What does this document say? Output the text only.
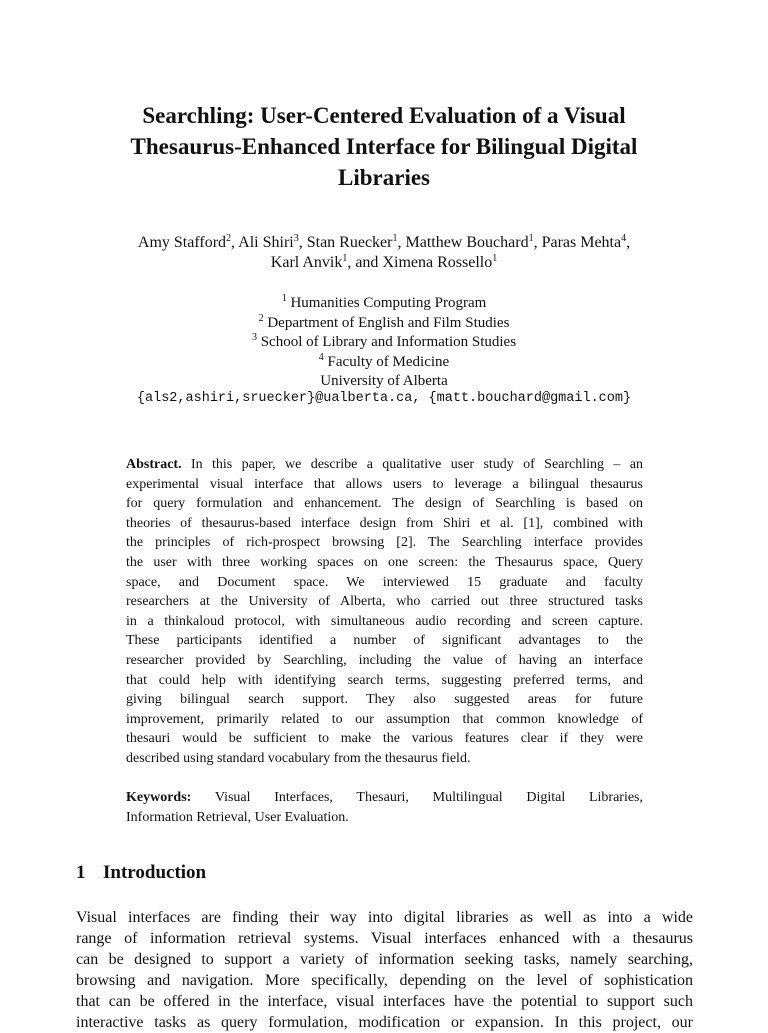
Searchling: User-Centered Evaluation of a Visual
Thesaurus-Enhanced Interface for Bilingual Digital
Libraries
Amy Stafford$^2$, Ali Shiri$^3$, Stan Ruecker$^1$, Matthew Bouchard$^1$, Paras Mehta$^4$,
Karl Anvik$^1$, and Ximena Rossello$^1$
$^1$ Humanities Computing Program
$^2$ Department of English and Film Studies
$^3$ School of Library and Information Studies
$^4$ Faculty of Medicine
University of Alberta
{als2,ashiri,sruecker}@ualberta.ca, {matt.bouchard@gmail.com}
Abstract. In this paper, we describe a qualitative user study of Searchling – an
experimental visual interface that allows users to leverage a bilingual thesaurus
for query formulation and enhancement. The design of Searchling is based on
theories of thesaurus-based interface design from Shiri et al. [1], combined with
the principles of rich-prospect browsing [2]. The Searchling interface provides
the user with three working spaces on one screen: the Thesaurus space, Query
space, and Document space. We interviewed 15 graduate and faculty
researchers at the University of Alberta, who carried out three structured tasks
in a thinkaloud protocol, with simultaneous audio recording and screen capture.
These participants identified a number of significant advantages to the
researcher provided by Searchling, including the value of having an interface
that could help with identifying search terms, suggesting preferred terms, and
giving bilingual search support. They also suggested areas for future
improvement, primarily related to our assumption that common knowledge of
thesauri would be sufficient to make the various features clear if they were
described using standard vocabulary from the thesaurus field.
Keywords: Visual Interfaces, Thesauri, Multilingual Digital Libraries,
Information Retrieval, User Evaluation.
1 Introduction
Visual interfaces are finding their way into digital libraries as well as into a wide
range of information retrieval systems. Visual interfaces enhanced with a thesaurus
can be designed to support a variety of information seeking tasks, namely searching,
browsing and navigation. More specifically, depending on the level of sophistication
that can be offered in the interface, visual interfaces have the potential to support such
interactive tasks as query formulation, modification or expansion. In this project, our
